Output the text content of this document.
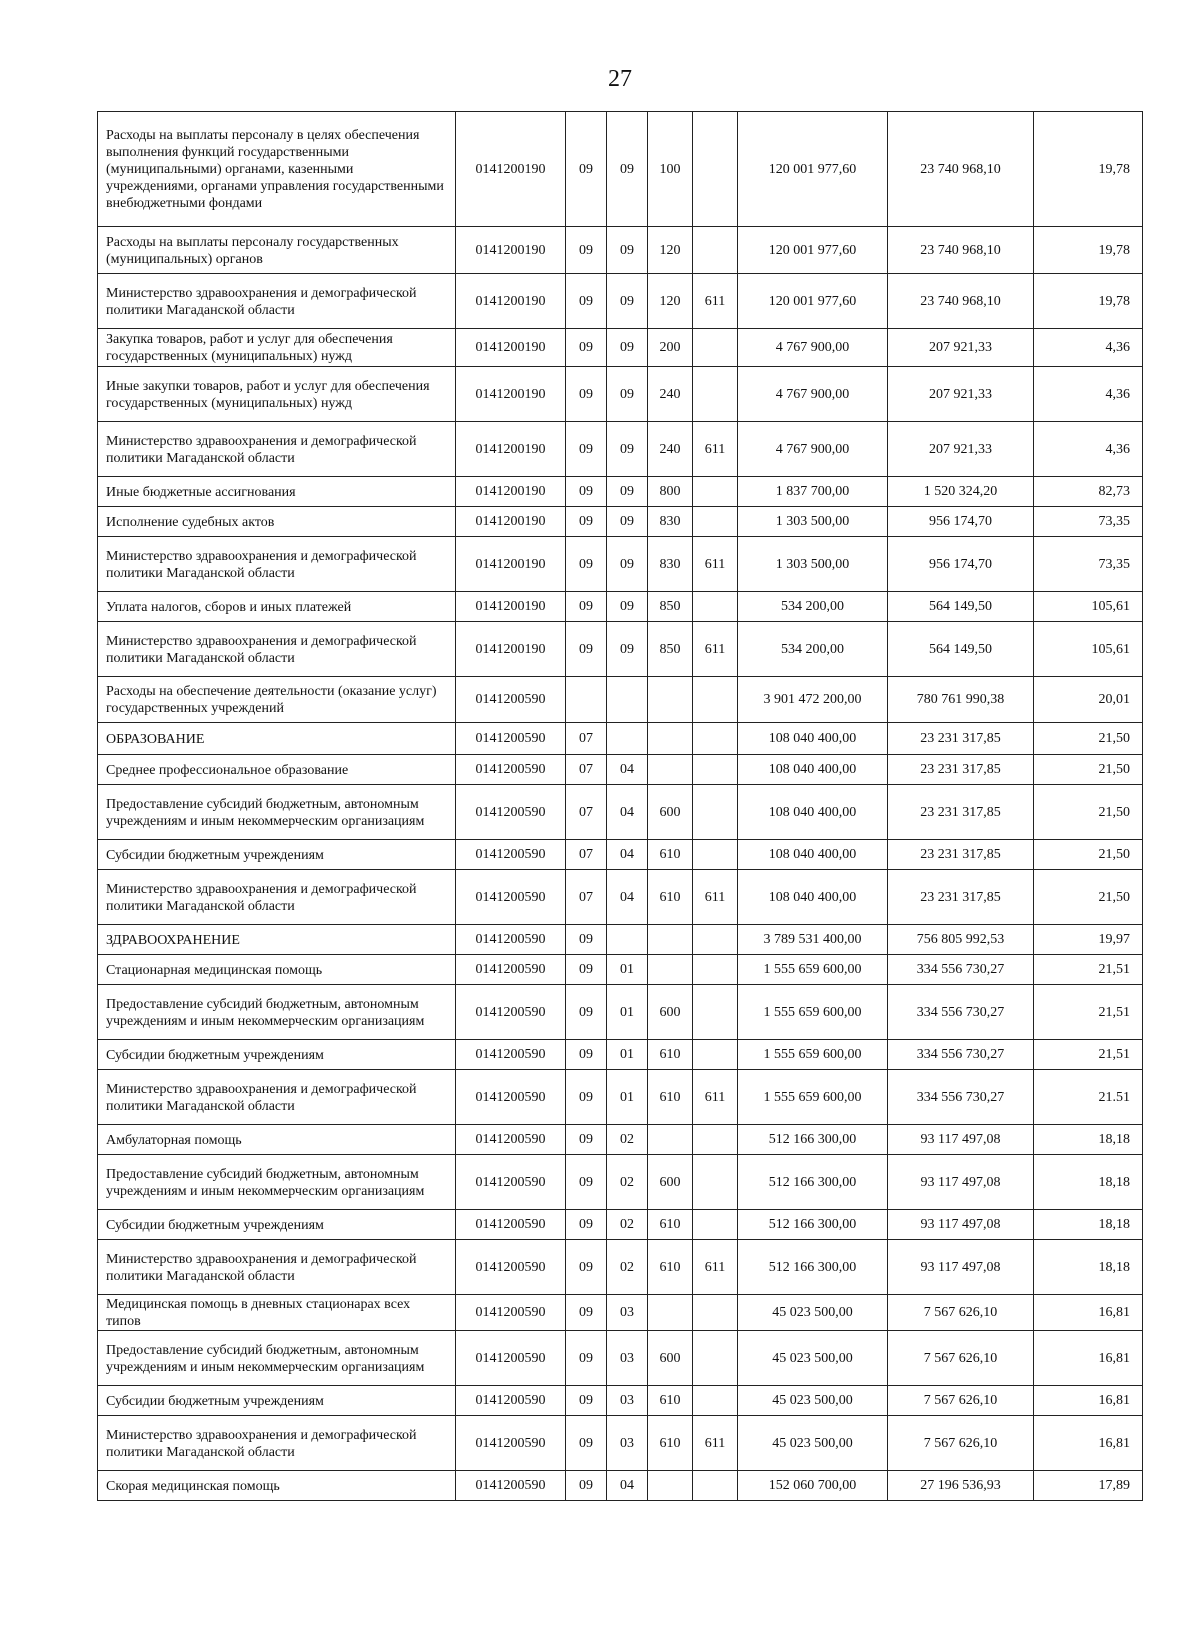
27
Расходы на выплаты персоналу в целях обеспечения выполнения функций государственными (муниципальными) органами, казенными учреждениями, органами управления государственными внебюджетными фондами	0141200190	09	09	100		120 001 977,60	23 740 968,10	19,78
Расходы на выплаты персоналу государственных (муниципальных) органов	0141200190	09	09	120		120 001 977,60	23 740 968,10	19,78
Министерство здравоохранения и демографической политики Магаданской области	0141200190	09	09	120	611	120 001 977,60	23 740 968,10	19,78
Закупка товаров, работ и услуг для обеспечения государственных (муниципальных) нужд	0141200190	09	09	200		4 767 900,00	207 921,33	4,36
Иные закупки товаров, работ и услуг для обеспечения государственных (муниципальных) нужд	0141200190	09	09	240		4 767 900,00	207 921,33	4,36
Министерство здравоохранения и демографической политики Магаданской области	0141200190	09	09	240	611	4 767 900,00	207 921,33	4,36
Иные бюджетные ассигнования	0141200190	09	09	800		1 837 700,00	1 520 324,20	82,73
Исполнение судебных актов	0141200190	09	09	830		1 303 500,00	956 174,70	73,35
Министерство здравоохранения и демографической политики Магаданской области	0141200190	09	09	830	611	1 303 500,00	956 174,70	73,35
Уплата налогов, сборов и иных платежей	0141200190	09	09	850		534 200,00	564 149,50	105,61
Министерство здравоохранения и демографической политики Магаданской области	0141200190	09	09	850	611	534 200,00	564 149,50	105,61
Расходы на обеспечение деятельности (оказание услуг) государственных учреждений	0141200590					3 901 472 200,00	780 761 990,38	20,01
ОБРАЗОВАНИЕ	0141200590	07				108 040 400,00	23 231 317,85	21,50
Среднее профессиональное образование	0141200590	07	04			108 040 400,00	23 231 317,85	21,50
Предоставление субсидий бюджетным, автономным учреждениям и иным некоммерческим организациям	0141200590	07	04	600		108 040 400,00	23 231 317,85	21,50
Субсидии бюджетным учреждениям	0141200590	07	04	610		108 040 400,00	23 231 317,85	21,50
Министерство здравоохранения и демографической политики Магаданской области	0141200590	07	04	610	611	108 040 400,00	23 231 317,85	21,50
ЗДРАВООХРАНЕНИЕ	0141200590	09				3 789 531 400,00	756 805 992,53	19,97
Стационарная медицинская помощь	0141200590	09	01			1 555 659 600,00	334 556 730,27	21,51
Предоставление субсидий бюджетным, автономным учреждениям и иным некоммерческим организациям	0141200590	09	01	600		1 555 659 600,00	334 556 730,27	21,51
Субсидии бюджетным учреждениям	0141200590	09	01	610		1 555 659 600,00	334 556 730,27	21,51
Министерство здравоохранения и демографической политики Магаданской области	0141200590	09	01	610	611	1 555 659 600,00	334 556 730,27	21.51
Амбулаторная помощь	0141200590	09	02			512 166 300,00	93 117 497,08	18,18
Предоставление субсидий бюджетным, автономным учреждениям и иным некоммерческим организациям	0141200590	09	02	600		512 166 300,00	93 117 497,08	18,18
Субсидии бюджетным учреждениям	0141200590	09	02	610		512 166 300,00	93 117 497,08	18,18
Министерство здравоохранения и демографической политики Магаданской области	0141200590	09	02	610	611	512 166 300,00	93 117 497,08	18,18
Медицинская помощь в дневных стационарах всех типов	0141200590	09	03			45 023 500,00	7 567 626,10	16,81
Предоставление субсидий бюджетным, автономным учреждениям и иным некоммерческим организациям	0141200590	09	03	600		45 023 500,00	7 567 626,10	16,81
Субсидии бюджетным учреждениям	0141200590	09	03	610		45 023 500,00	7 567 626,10	16,81
Министерство здравоохранения и демографической политики Магаданской области	0141200590	09	03	610	611	45 023 500,00	7 567 626,10	16,81
Скорая медицинская помощь	0141200590	09	04			152 060 700,00	27 196 536,93	17,89
